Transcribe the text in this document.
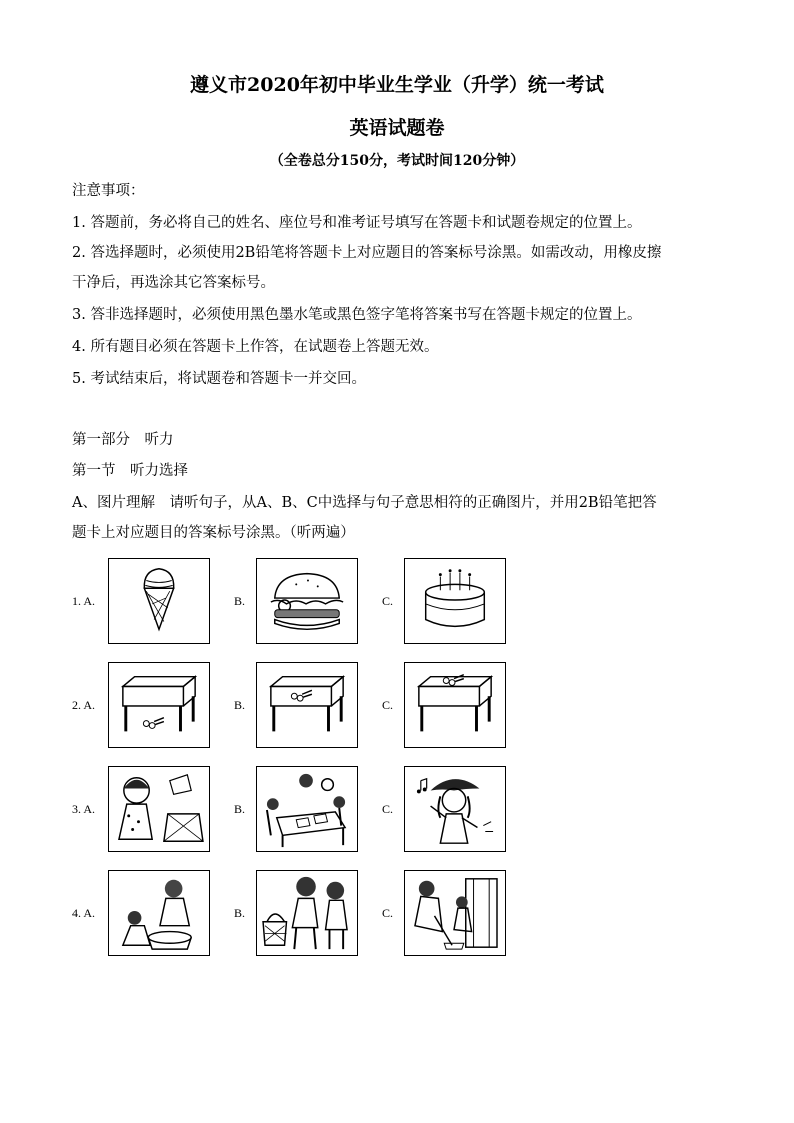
遵义市2020年初中毕业生学业（升学）统一考试
英语试题卷
（全卷总分150分，考试时间120分钟）

注意事项：

1. 答题前，务必将自己的姓名、座位号和准考证号填写在答题卡和试题卷规定的位置上。

2. 答选择题时，必须使用2B铅笔将答题卡上对应题目的答案标号涂黑。如需改动，用橡皮擦

干净后，再选涂其它答案标号。

3. 答非选择题时，必须使用黑色墨水笔或黑色签字笔将答案书写在答题卡规定的位置上。

4. 所有题目必须在答题卡上作答，在试题卷上答题无效。

5. 考试结束后，将试题卷和答题卡一并交回。

第一部分　听力

第一节　听力选择

A、图片理解　请听句子，从A、B、C中选择与句子意思相符的正确图片，并用2B铅笔把答

题卡上对应题目的答案标号涂黑。（听两遍）

1. A.	B.	C.
2. A.	B.	C.
3. A.	B.	C.
4. A.	B.	C.
